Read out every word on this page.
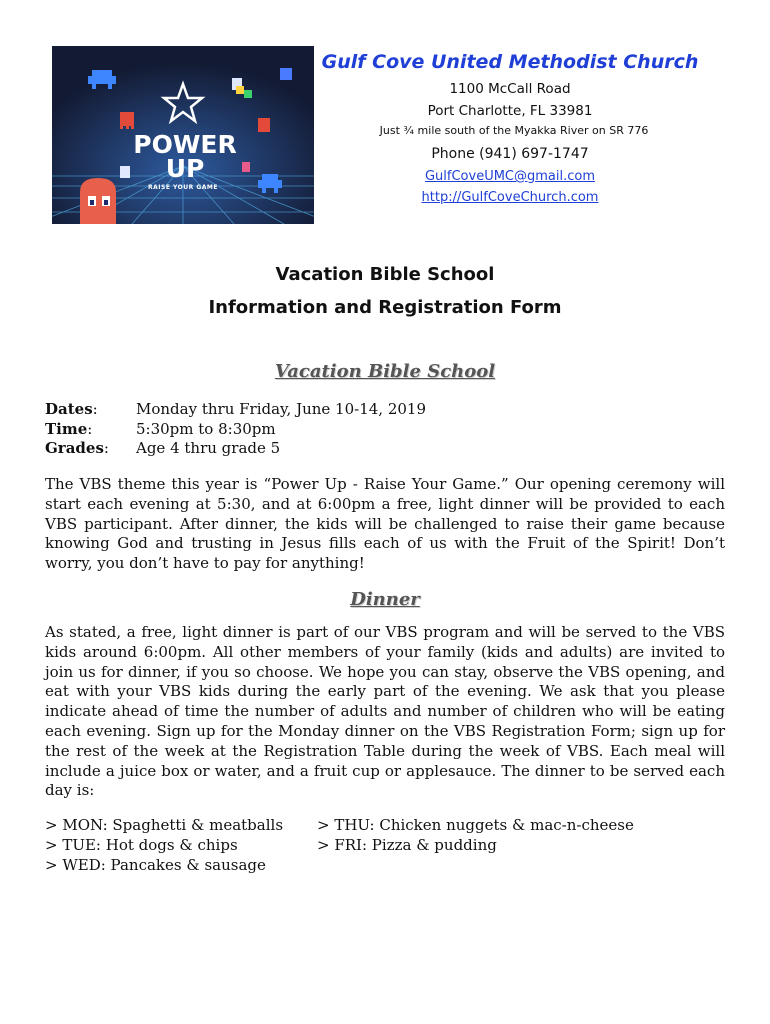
POWER
UP
RAISE YOUR GAME
Gulf Cove United Methodist Church
1100 McCall Road
Port Charlotte, FL 33981
Just ¾ mile south of the Myakka River on SR 776
Phone (941) 697-1747
GulfCoveUMC@gmail.com
http://GulfCoveChurch.com
Vacation Bible School
Information and Registration Form
Vacation Bible School
Dates:	Monday thru Friday, June 10-14, 2019
Time:	5:30pm to 8:30pm
Grades:	Age 4 thru grade 5
The VBS theme this year is “Power Up - Raise Your Game.” Our opening ceremony will start each evening at 5:30, and at 6:00pm a free, light dinner will be provided to each VBS participant. After dinner, the kids will be challenged to raise their game because knowing God and trusting in Jesus fills each of us with the Fruit of the Spirit! Don’t worry, you don’t have to pay for anything!
Dinner
As stated, a free, light dinner is part of our VBS program and will be served to the VBS kids around 6:00pm. All other members of your family (kids and adults) are invited to join us for dinner, if you so choose. We hope you can stay, observe the VBS opening, and eat with your VBS kids during the early part of the evening. We ask that you please indicate ahead of time the number of adults and number of children who will be eating each evening. Sign up for the Monday dinner on the VBS Registration Form; sign up for the rest of the week at the Registration Table during the week of VBS. Each meal will include a juice box or water, and a fruit cup or applesauce. The dinner to be served each day is:
> MON: Spaghetti & meatballs
> TUE: Hot dogs & chips
> WED: Pancakes & sausage
> THU: Chicken nuggets & mac-n-cheese
> FRI: Pizza & pudding
